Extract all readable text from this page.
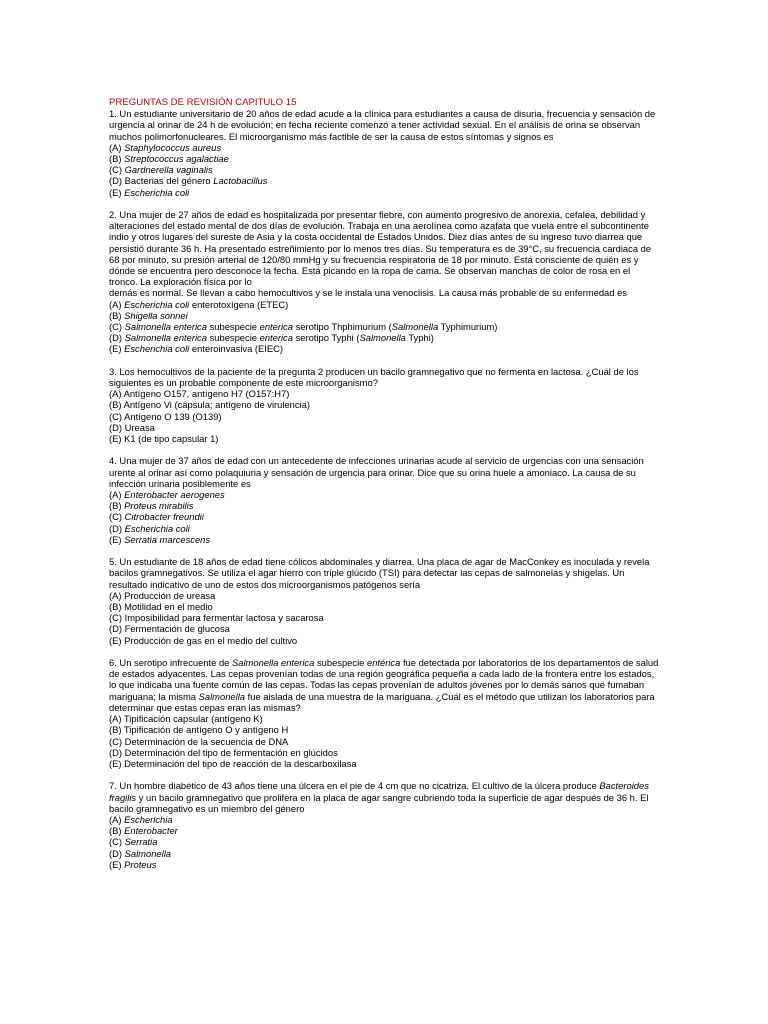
PREGUNTAS DE REVISIÓN CAPITULO 15
1. Un estudiante universitario de 20 años de edad acude a la clínica para estudiantes a causa de disuria, frecuencia y sensación de urgencia al orinar de 24 h de evolución; en fecha reciente comenzó a tener actividad sexual. En el análisis de orina se observan muchos polimorfonucleares. El microorganismo más factible de ser la causa de estos síntomas y signos es
(A) Staphylococcus aureus
(B) Streptococcus agalactiae
(C) Gardnerella vaginalis
(D) Bacterias del género Lactobacillus
(E) Escherichia coli
2. Una mujer de 27 años de edad es hospitalizada por presentar fiebre, con aumento progresivo de anorexia, cefalea, debilidad y alteraciones del estado mental de dos días de evolución. Trabaja en una aerolínea como azafata que vuela entre el subcontinente indio y otros lugares del sureste de Asia y la costa occidental de Estados Unidos. Diez días antes de su ingreso tuvo diarrea que persistió durante 36 h. Ha presentado estreñimiento por lo menos tres días. Su temperatura es de 39°C, su frecuencia cardiaca de 68 por minuto, su presión arterial de 120/80 mmHg y su frecuencia respiratoria de 18 por minuto. Está consciente de quién es y dónde se encuentra pero desconoce la fecha. Está picando en la ropa de cama. Se observan manchas de color de rosa en el tronco. La exploración física por lo
demás es normal. Se llevan a cabo hemocultivos y se le instala una venoclisis. La causa más probable de su enfermedad es
(A) Escherichia coli enterotoxígena (ETEC)
(B) Shigella sonnei
(C) Salmonella enterica subespecie enterica serotipo Thphimurium (Salmonella Typhimurium)
(D) Salmonella enterica subespecie enterica serotipo Typhi (Salmonella Typhi)
(E) Escherichia coli enteroinvasiva (EIEC)
3. Los hemocultivos de la paciente de la pregunta 2 producen un bacilo gramnegativo que no fermenta en lactosa. ¿Cuál de los siguientes es un probable componente de este microorganismo?
(A) Antígeno O157, antígeno H7 (O157:H7)
(B) Antígeno Vi (cápsula; antígeno de virulencia)
(C) Antígeno O 139 (O139)
(D) Ureasa
(E) K1 (de tipo capsular 1)
4. Una mujer de 37 años de edad con un antecedente de infecciones urinarias acude al servicio de urgencias con una sensación urente al orinar así como polaquiuria y sensación de urgencia para orinar. Dice que su orina huele a amoniaco. La causa de su infección urinaria posiblemente es
(A) Enterobacter aerogenes
(B) Proteus mirabilis
(C) Citrobacter freundii
(D) Escherichia coli
(E) Serratia marcescens
5. Un estudiante de 18 años de edad tiene cólicos abdominales y diarrea. Una placa de agar de MacConkey es inoculada y revela bacilos gramnegativos. Se utiliza el agar hierro con triple glúcido (TSI) para detectar las cepas de salmonelas y shigelas. Un resultado indicativo de uno de estos dos microorganismos patógenos sería
(A) Producción de ureasa
(B) Motilidad en el medio
(C) Imposibilidad para fermentar lactosa y sacarosa
(D) Fermentación de glucosa
(E) Producción de gas en el medio del cultivo
6. Un serotipo infrecuente de Salmonella enterica subespecie entérica fue detectada por laboratorios de los departamentos de salud de estados adyacentes. Las cepas provenían todas de una región geográfica pequeña a cada lado de la frontera entre los estados, lo que indicaba una fuente común de las cepas. Todas las cepas provenían de adultos jóvenes por lo demás sanos que fumaban mariguana; la misma Salmonella fue aislada de una muestra de la mariguana. ¿Cuál es el método que utilizan los laboratorios para determinar que estas cepas eran las mismas?
(A) Tipificación capsular (antígeno K)
(B) Tipificación de antígeno O y antígeno H
(C) Determinación de la secuencia de DNA
(D) Determinación del tipo de fermentación en glúcidos
(E) Determinación del tipo de reacción de la descarboxilasa
7. Un hombre diabético de 43 años tiene una úlcera en el pie de 4 cm que no cicatriza. El cultivo de la úlcera produce Bacteroides fragilis y un bacilo gramnegativo que prolifera en la placa de agar sangre cubriendo toda la superficie de agar después de 36 h. El bacilo gramnegativo es un miembro del género
(A) Escherichia
(B) Enterobacter
(C) Serratia
(D) Salmonella
(E) Proteus
